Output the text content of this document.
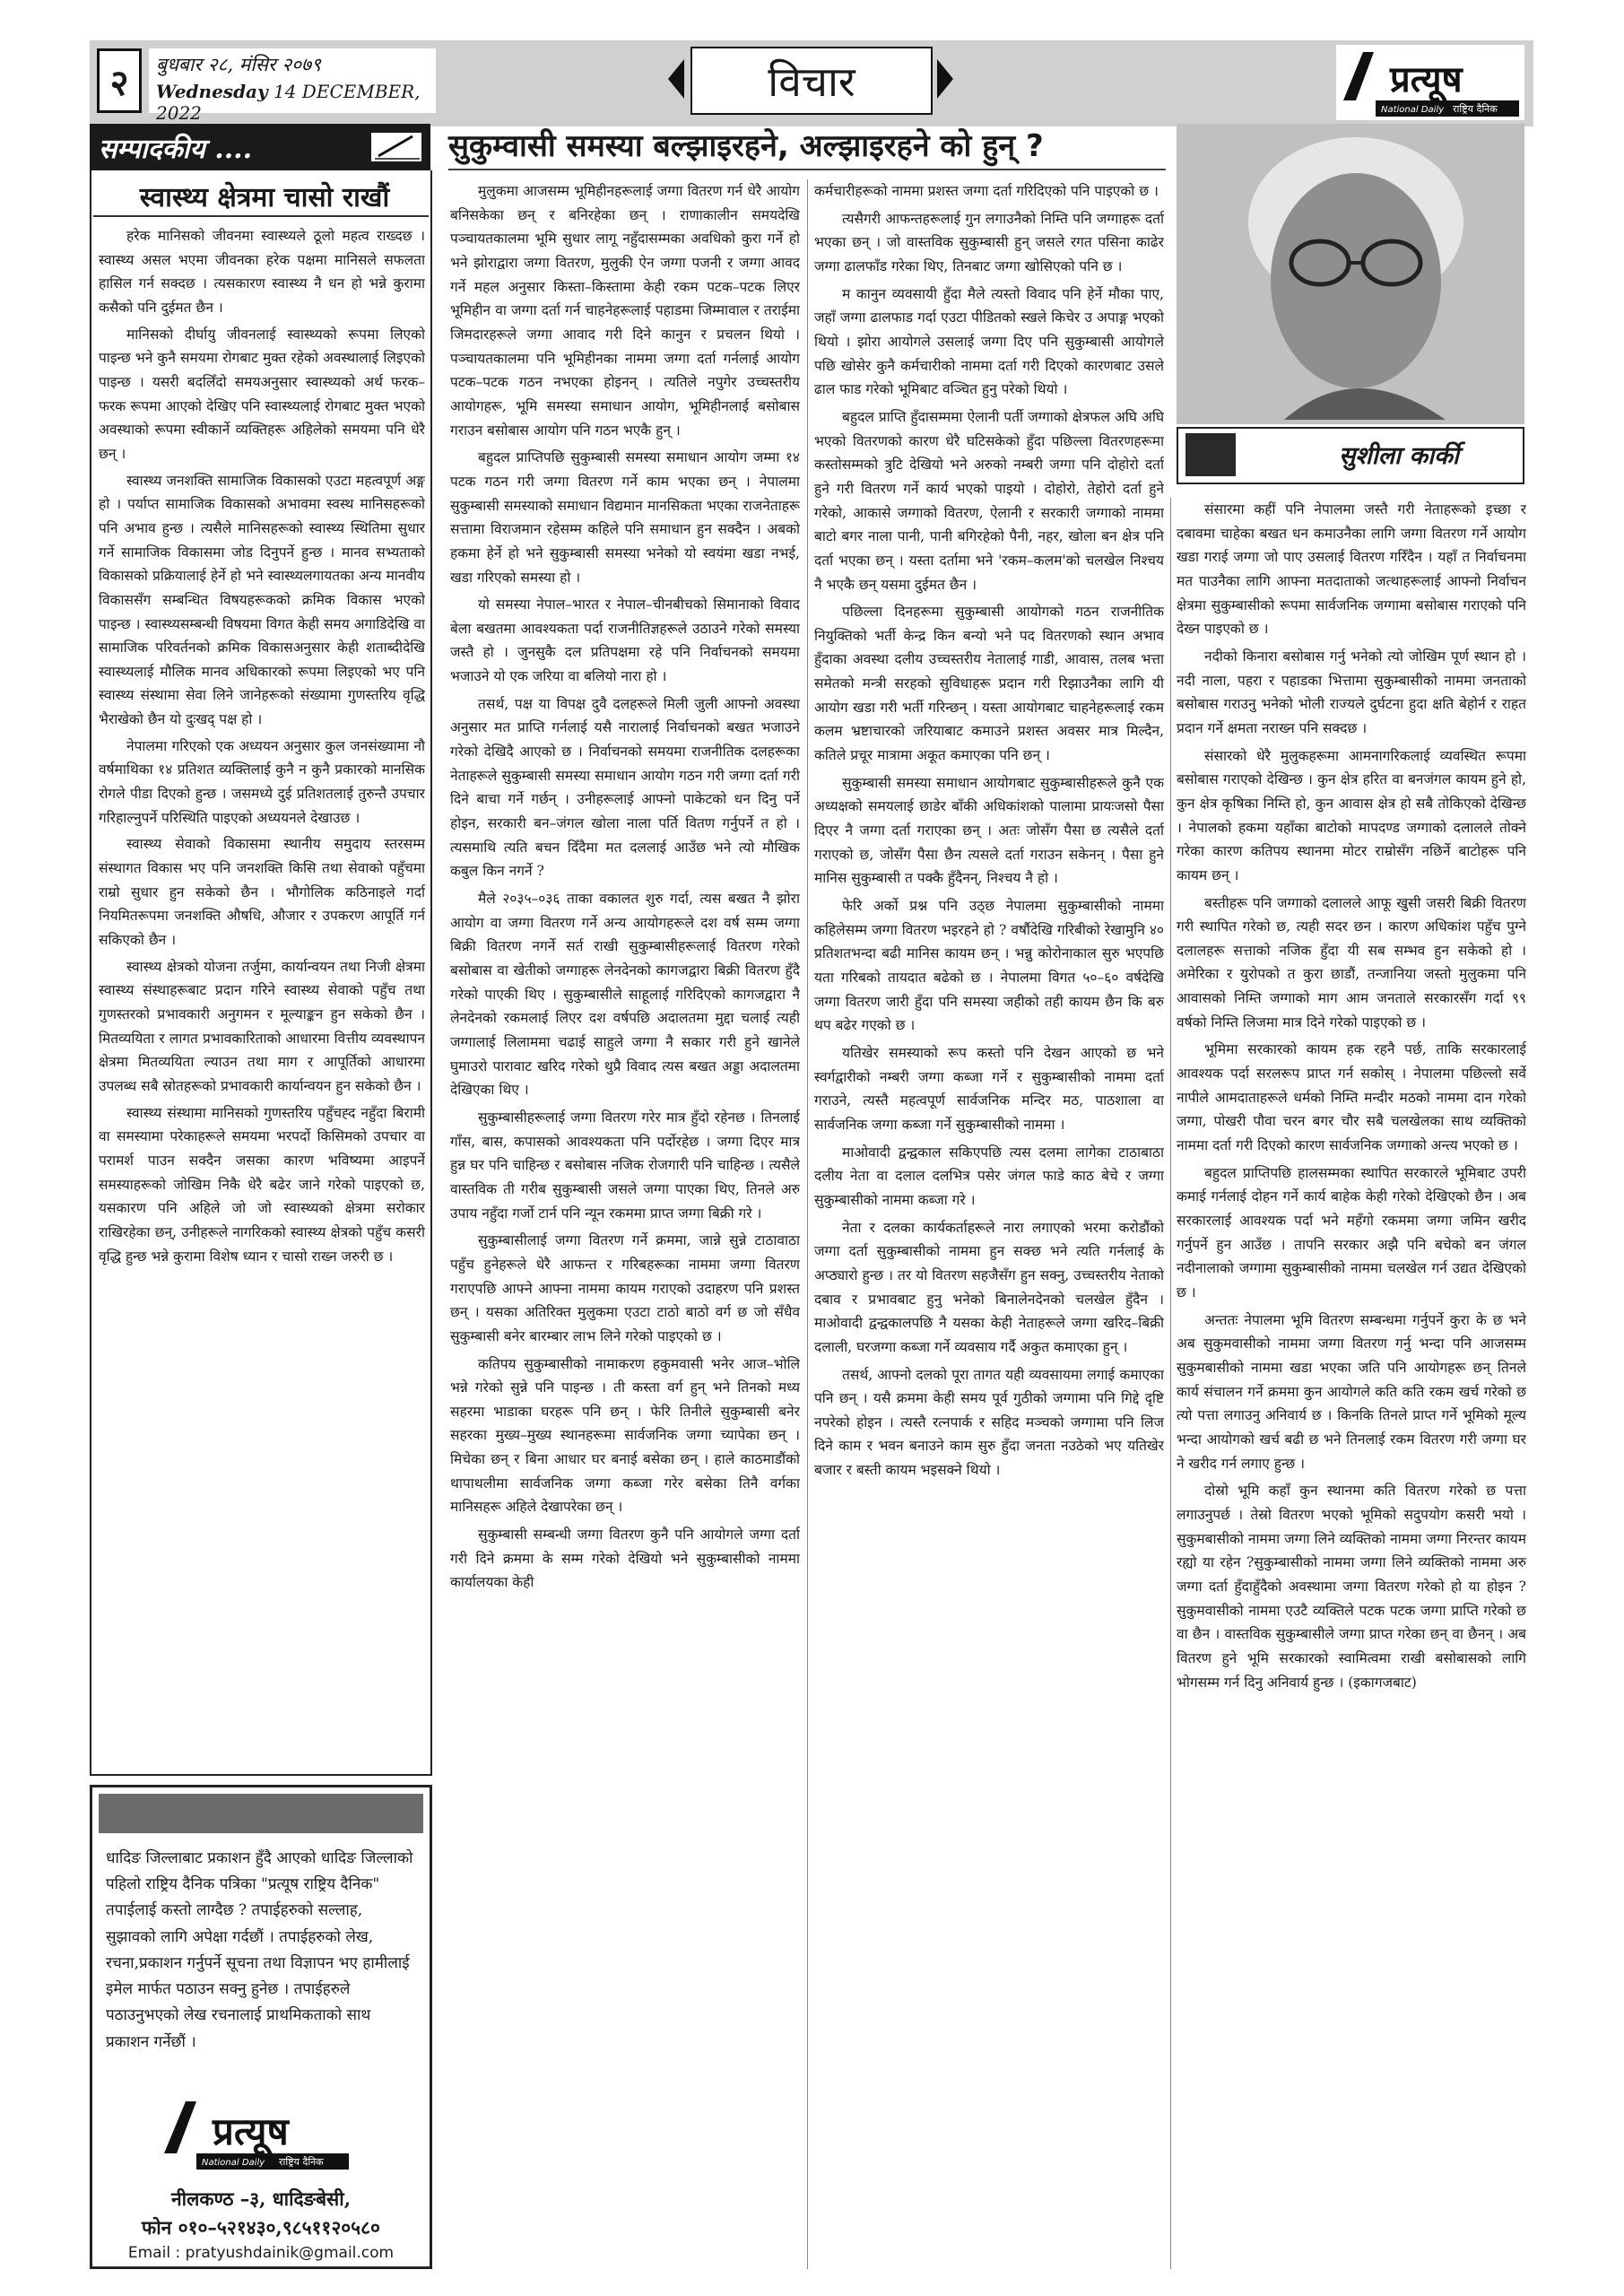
२	बुधबार २८, मंसिर २०७९
Wednesday 14 DECEMBER, 2022
विचार	प्रत्यूष
National Daily राष्ट्रिय दैनिक
सम्पादकीय ....
स्वास्थ्य क्षेत्रमा चासो राखौं

हरेक मानिसको जीवनमा स्वास्थ्यले ठूलो महत्व राख्दछ । स्वास्थ्य असल भएमा जीवनका हरेक पक्षमा मानिसले सफलता हासिल गर्न सक्दछ । त्यसकारण स्वास्थ्य नै धन हो भन्ने कुरामा कसैको पनि दुईमत छैन ।

मानिसको दीर्घायु जीवनलाई स्वास्थ्यको रूपमा लिएको पाइन्छ भने कुनै समयमा रोगबाट मुक्त रहेको अवस्थालाई लिइएको पाइन्छ । यसरी बदलिँदो समयअनुसार स्वास्थ्यको अर्थ फरक–फरक रूपमा आएको देखिए पनि स्वास्थ्यलाई रोगबाट मुक्त भएको अवस्थाको रूपमा स्वीकार्ने व्यक्तिहरू अहिलेको समयमा पनि धेरै छन् ।

स्वास्थ्य जनशक्ति सामाजिक विकासको एउटा महत्वपूर्ण अङ्ग हो । पर्याप्त सामाजिक विकासको अभावमा स्वस्थ मानिसहरूको पनि अभाव हुन्छ । त्यसैले मानिसहरूको स्वास्थ्य स्थितिमा सुधार गर्ने सामाजिक विकासमा जोड दिनुपर्ने हुन्छ । मानव सभ्यताको विकासको प्रक्रियालाई हेर्ने हो भने स्वास्थ्यलगायतका अन्य मानवीय विकाससँग सम्बन्धित विषयहरूकको क्रमिक विकास भएको पाइन्छ । स्वास्थ्यसम्बन्धी विषयमा विगत केही समय अगाडिदेखि वा सामाजिक परिवर्तनको क्रमिक विकासअनुसार केही शताब्दीदेखि स्वास्थ्यलाई मौलिक मानव अधिकारको रूपमा लिइएको भए पनि स्वास्थ्य संस्थामा सेवा लिने जानेहरूको संख्यामा गुणस्तरिय वृद्धि भैराखेको छैन यो दुःखद् पक्ष हो ।

नेपालमा गरिएको एक अध्ययन अनुसार कुल जनसंख्यामा नौ वर्षमाथिका १४ प्रतिशत व्यक्तिलाई कुनै न कुनै प्रकारको मानसिक रोगले पीडा दिएको हुन्छ । जसमध्ये दुई प्रतिशतलाई तुरुन्तै उपचार गरिहाल्नुपर्ने परिस्थिति पाइएको अध्ययनले देखाउछ ।

स्वास्थ्य सेवाको विकासमा स्थानीय समुदाय स्तरसम्म संस्थागत विकास भए पनि जनशक्ति किसि तथा सेवाको पहुँचमा राम्रो सुधार हुन सकेको छैन । भौगोलिक कठिनाइले गर्दा नियमितरूपमा जनशक्ति औषधि, औजार र उपकरण आपूर्ति गर्न सकिएको छैन ।

स्वास्थ्य क्षेत्रको योजना तर्जुमा, कार्यान्वयन तथा निजी क्षेत्रमा स्वास्थ्य संस्थाहरूबाट प्रदान गरिने स्वास्थ्य सेवाको पहुँच तथा गुणस्तरको प्रभावकारी अनुगमन र मूल्याङ्कन हुन सकेको छैन । मितव्ययिता र लागत प्रभावकारिताको आधारमा वित्तीय व्यवस्थापन क्षेत्रमा मितव्ययिता ल्याउन तथा माग र आपूर्तिको आधारमा उपलब्ध सबै स्रोतहरूको प्रभावकारी कार्यान्वयन हुन सकेको छैन ।

स्वास्थ्य संस्थामा मानिसको गुणस्तरिय पहुँचह्द नहुँदा बिरामी वा समस्यामा परेकाहरूले समयमा भरपर्दो किसिमको उपचार वा परामर्श पाउन सक्दैन जसका कारण भविष्यमा आइपर्ने समस्याहरूको जोखिम निकै धेरै बढेर जाने गरेको पाइएको छ, यसकारण पनि अहिले जो जो स्वास्थ्यको क्षेत्रमा सरोकार राखिरहेका छन्, उनीहरूले नागरिकको स्वास्थ्य क्षेत्रको पहुँच कसरी वृद्धि हुन्छ भन्ने कुरामा विशेष ध्यान र चासो राख्न जरुरी छ ।

धादिङ जिल्लाबाट प्रकाशन हुँदै आएको धादिङ जिल्लाको पहिलो राष्ट्रिय दैनिक पत्रिका "प्रत्यूष राष्ट्रिय दैनिक" तपाईलाई कस्तो लाग्दैछ ? तपाईहरुको सल्लाह, सुझावको लागि अपेक्षा गर्दछौं । तपाईहरुको लेख, रचना,प्रकाशन गर्नुपर्ने सूचना तथा विज्ञापन भए हामीलाई इमेल मार्फत पठाउन सक्नु हुनेछ । तपाईहरुले पठाउनुभएको लेख रचनालाई प्राथमिकताको साथ प्रकाशन गर्नेछौं ।
प्रत्यूष
National Daily राष्ट्रिय दैनिक
नीलकण्ठ –३, धादिङबेसी,
फोन ०१०–५२१४३०,९८५११२०५८०
Email : pratyushdainik@gmail.com
सुकुम्वासी समस्या बल्झाइरहने, अल्झाइरहने को हुन् ?

मुलुकमा आजसम्म भूमिहीनहरूलाई जग्गा वितरण गर्न धेरै आयोग बनिसकेका छन् र बनिरहेका छन् । राणाकालीन समयदेखि पञ्चायतकालमा भूमि सुधार लागू नहुँदासम्मका अवधिको कुरा गर्ने हो भने झोराद्वारा जग्गा वितरण, मुलुकी ऐन जग्गा पजनी र जग्गा आवद गर्ने महल अनुसार किस्ता–किस्तामा केही रकम पटक–पटक लिएर भूमिहीन वा जग्गा दर्ता गर्न चाहनेहरूलाई पहाडमा जिम्मावाल र तराईमा जिमदारहरूले जग्गा आवाद गरी दिने कानुन र प्रचलन थियो । पञ्चायतकालमा पनि भूमिहीनका नाममा जग्गा दर्ता गर्नलाई आयोग पटक–पटक गठन नभएका होइनन् । त्यतिले नपुगेर उच्चस्तरीय आयोगहरू, भूमि समस्या समाधान आयोग, भूमिहीनलाई बसोबास गराउन बसोबास आयोग पनि गठन भएकै हुन् ।

बहुदल प्राप्तिपछि सुकुम्बासी समस्या समाधान आयोग जम्मा १४ पटक गठन गरी जग्गा वितरण गर्ने काम भएका छन् । नेपालमा सुकुम्बासी समस्याको समाधान विद्यमान मानसिकता भएका राजनेताहरू सत्तामा विराजमान रहेसम्म कहिले पनि समाधान हुन सक्दैन । अबको हकमा हेर्ने हो भने सुकुम्बासी समस्या भनेको यो स्वयंमा खडा नभई, खडा गरिएको समस्या हो ।

यो समस्या नेपाल–भारत र नेपाल–चीनबीचको सिमानाको विवाद बेला बखतमा आवश्यकता पर्दा राजनीतिज्ञहरूले उठाउने गरेको समस्या जस्तै हो । जुनसुकै दल प्रतिपक्षमा रहे पनि निर्वाचनको समयमा भजाउने यो एक जरिया वा बलियो नारा हो ।

तसर्थ, पक्ष या विपक्ष दुवै दलहरूले मिली जुली आफ्नो अवस्था अनुसार मत प्राप्ति गर्नलाई यसै नारालाई निर्वाचनको बखत भजाउने गरेको देखिदै आएको छ । निर्वाचनको समयमा राजनीतिक दलहरूका नेताहरूले सुकुम्बासी समस्या समाधान आयोग गठन गरी जग्गा दर्ता गरी दिने बाचा गर्ने गर्छन् । उनीहरूलाई आफ्नो पाकेटको धन दिनु पर्ने होइन, सरकारी बन–जंगल खोला नाला पर्ति वितण गर्नुपर्ने त हो । त्यसमाथि त्यति बचन दिँदैमा मत दललाई आउँछ भने त्यो मौखिक कबुल किन नगर्ने ?

मैले २०३५–०३६ ताका वकालत शुरु गर्दा, त्यस बखत नै झोरा आयोग वा जग्गा वितरण गर्ने अन्य आयोगहरूले दश वर्ष सम्म जग्गा बिक्री वितरण नगर्ने सर्त राखी सुकुम्बासीहरूलाई वितरण गरेको बसोबास वा खेतीको जग्गाहरू लेनदेनको कागजद्वारा बिक्री वितरण हुँदै गरेको पाएकी थिए । सुकुम्बासीले साहूलाई गरिदिएको कागजद्वारा नै लेनदेनको रकमलाई लिएर दश वर्षपछि अदालतमा मुद्दा चलाई त्यही जग्गालाई लिलाममा चढाई साहुले जग्गा नै सकार गरी हुने खानेले घुमाउरो पारावाट खरिद गरेको थुप्रै विवाद त्यस बखत अड्डा अदालतमा देखिएका थिए ।

सुकुम्बासीहरूलाई जग्गा वितरण गरेर मात्र हुँदो रहेनछ । तिनलाई गाँस, बास, कपासको आवश्यकता पनि पर्दोरहेछ । जग्गा दिएर मात्र हुन्न घर पनि चाहिन्छ र बसोबास नजिक रोजगारी पनि चाहिन्छ । त्यसैले वास्तविक ती गरीब सुकुम्बासी जसले जग्गा पाएका थिए, तिनले अरु उपाय नहुँदा गर्जो टार्न पनि न्यून रकममा प्राप्त जग्गा बिक्री गरे ।

सुकुम्बासीलाई जग्गा वितरण गर्ने क्रममा, जान्ने सुन्ने टाठावाठा पहुँच हुनेहरूले धेरै आफन्त र गरिबहरूका नाममा जग्गा वितरण गराएपछि आफ्ने आफ्ना नाममा कायम गराएको उदाहरण पनि प्रशस्त छन् । यसका अतिरिक्त मुलुकमा एउटा टाठो बाठो वर्ग छ जो सँधैव सुकुम्बासी बनेर बारम्बार लाभ लिने गरेको पाइएको छ ।

कतिपय सुकुम्बासीको नामाकरण हकुमवासी भनेर आज–भोलि भन्ने गरेको सुन्ने पनि पाइन्छ । ती कस्ता वर्ग हुन् भने तिनको मध्य सहरमा भाडाका घरहरू पनि छन् । फेरि तिनीले सुकुम्बासी बनेर सहरका मुख्य–मुख्य स्थानहरूमा सार्वजनिक जग्गा च्यापेका छन् । मिचेका छन् र बिना आधार घर बनाई बसेका छन् । हाले काठमाडौंको थापाथलीमा सार्वजनिक जग्गा कब्जा गरेर बसेका तिनै वर्गका मानिसहरू अहिले देखापरेका छन् ।

सुकुम्बासी सम्बन्धी जग्गा वितरण कुनै पनि आयोगले जग्गा दर्ता गरी दिने क्रममा के सम्म गरेको देखियो भने सुकुम्बासीको नाममा कार्यालयका केही

कर्मचारीहरूको नाममा प्रशस्त जग्गा दर्ता गरिदिएको पनि पाइएको छ ।

त्यसैगरी आफन्तहरूलाई गुन लगाउनैको निम्ति पनि जग्गाहरू दर्ता भएका छन् । जो वास्तविक सुकुम्बासी हुन् जसले रगत पसिना काढेर जग्गा ढालफाँड गरेका थिए, तिनबाट जग्गा खोसिएको पनि छ ।

म कानुन व्यवसायी हुँदा मैले त्यस्तो विवाद पनि हेर्ने मौका पाए, जहाँ जग्गा ढालफाड गर्दा एउटा पीडितको स्खले किचेर उ अपाङ्ग भएको थियो । झोरा आयोगले उसलाई जग्गा दिए पनि सुकुम्बासी आयोगले पछि खोसेर कुनै कर्मचारीको नाममा दर्ता गरी दिएको कारणबाट उसले ढाल फाड गरेको भूमिबाट वञ्चित हुनु परेको थियो ।

बहुदल प्राप्ति हुँदासम्ममा ऐलानी पर्ती जग्गाको क्षेत्रफल अघि अघि भएको वितरणको कारण धेरै घटिसकेको हुँदा पछिल्ला वितरणहरूमा कस्तोसम्मको त्रुटि देखियो भने अरुको नम्बरी जग्गा पनि दोहोरो दर्ता हुने गरी वितरण गर्ने कार्य भएको पाइयो । दोहोरो, तेहोरो दर्ता हुने गरेको, आकासे जग्गाको वितरण, ऐलानी र सरकारी जग्गाको नाममा बाटो बगर नाला पानी, पानी बगिरहेको पैनी, नहर, खोला बन क्षेत्र पनि दर्ता भएका छन् । यस्ता दर्तामा भने 'रकम–कलम'को चलखेल निश्चय नै भएकै छन् यसमा दुईमत छैन ।

पछिल्ला दिनहरूमा सुकुम्बासी आयोगको गठन राजनीतिक नियुक्तिको भर्ती केन्द्र किन बन्यो भने पद वितरणको स्थान अभाव हुँदाका अवस्था दलीय उच्चस्तरीय नेतालाई गाडी, आवास, तलब भत्ता समेतको मन्त्री सरहको सुविधाहरू प्रदान गरी रिझाउनैका लागि यी आयोग खडा गरी भर्ती गरिन्छन् । यस्ता आयोगबाट चाहनेहरूलाई रकम कलम भ्रष्टाचारको जरियाबाट कमाउने प्रशस्त अवसर मात्र मिल्दैन, कतिले प्रचूर मात्रामा अकूत कमाएका पनि छन् ।

सुकुम्बासी समस्या समाधान आयोगबाट सुकुम्बासीहरूले कुनै एक अध्यक्षको समयलाई छाडेर बाँकी अधिकांशको पालामा प्रायःजसो पैसा दिएर नै जग्गा दर्ता गराएका छन् । अतः जोसँग पैसा छ त्यसैले दर्ता गराएको छ, जोसँग पैसा छैन त्यसले दर्ता गराउन सकेनन् । पैसा हुने मानिस सुकुम्बासी त पक्कै हुँदैनन्, निश्चय नै हो ।

फेरि अर्को प्रश्न पनि उठ्छ नेपालमा सुकुम्बासीको नाममा कहिलेसम्म जग्गा वितरण भइरहने हो ? वर्षौदेखि गरिबीको रेखामुनि ४० प्रतिशतभन्दा बढी मानिस कायम छन् । भन्नु कोरोनाकाल सुरु भएपछि यता गरिबको तायदात बढेको छ । नेपालमा विगत ५०–६० वर्षदेखि जग्गा वितरण जारी हुँदा पनि समस्या जहीको तही कायम छैन कि बरु थप बढेर गएको छ ।

यतिखेर समस्याको रूप कस्तो पनि देखन आएको छ भने स्वर्गद्वारीको नम्बरी जग्गा कब्जा गर्ने र सुकुम्बासीको नाममा दर्ता गराउने, त्यस्तै महत्वपूर्ण सार्वजनिक मन्दिर मठ, पाठशाला वा सार्वजनिक जग्गा कब्जा गर्ने सुकुम्बासीको नाममा ।

माओवादी द्वन्द्वकाल सकिएपछि त्यस दलमा लागेका टाठाबाठा दलीय नेता वा दलाल दलभित्र पसेर जंगल फाडे काठ बेचे र जग्गा सुकुम्बासीको नाममा कब्जा गरे ।

नेता र दलका कार्यकर्ताहरूले नारा लगाएको भरमा करोडौंको जग्गा दर्ता सुकुम्बासीको नाममा हुन सक्छ भने त्यति गर्नलाई के अप्ठ्यारो हुन्छ । तर यो वितरण सहजैसँग हुन सक्नु, उच्चस्तरीय नेताको दबाव र प्रभावबाट हुनु भनेको बिनालेनदेनको चलखेल हुँदैन । माओवादी द्वन्द्वकालपछि नै यसका केही नेताहरूले जग्गा खरिद–बिक्री दलाली, घरजग्गा कब्जा गर्ने व्यवसाय गर्दै अकुत कमाएका हुन् ।

तसर्थ, आफ्नो दलको पूरा तागत यही व्यवसायमा लगाई कमाएका पनि छन् । यसै क्रममा केही समय पूर्व गुठीको जग्गामा पनि गिद्दे दृष्टि नपरेको होइन । त्यस्तै रत्नपार्क र सहिद मञ्चको जग्गामा पनि लिज दिने काम र भवन बनाउने काम सुरु हुँदा जनता नउठेको भए यतिखेर बजार र बस्ती कायम भइसक्ने थियो ।

सुशीला कार्की

संसारमा कहीं पनि नेपालमा जस्तै गरी नेताहरूको इच्छा र दबावमा चाहेका बखत धन कमाउनैका लागि जग्गा वितरण गर्ने आयोग खडा गराई जग्गा जो पाए उसलाई वितरण गरिँदैन । यहाँ त निर्वाचनमा मत पाउनैका लागि आफ्ना मतदाताको जत्थाहरूलाई आफ्नो निर्वाचन क्षेत्रमा सुकुम्बासीको रूपमा सार्वजनिक जग्गामा बसोबास गराएको पनि देख्न पाइएको छ ।

नदीको किनारा बसोबास गर्नु भनेको त्यो जोखिम पूर्ण स्थान हो । नदी नाला, पहरा र पहाडका भित्तामा सुकुम्बासीको नाममा जनताको बसोबास गराउनु भनेको भोली राज्यले दुर्घटना हुदा क्षति बेहोर्न र राहत प्रदान गर्ने क्षमता नराख्न पनि सक्दछ ।

संसारको धेरै मुलुकहरूमा आमनागरिकलाई व्यवस्थित रूपमा बसोबास गराएको देखिन्छ । कुन क्षेत्र हरित वा बनजंगल कायम हुने हो, कुन क्षेत्र कृषिका निम्ति हो, कुन आवास क्षेत्र हो सबै तोकिएको देखिन्छ । नेपालको हकमा यहाँका बाटोको मापदण्ड जग्गाको दलालले तोक्ने गरेका कारण कतिपय स्थानमा मोटर राम्रोसँग नछिर्ने बाटोहरू पनि कायम छन् ।

बस्तीहरू पनि जग्गाको दलालले आफू खुसी जसरी बिक्री वितरण गरी स्थापित गरेको छ, त्यही सदर छन । कारण अधिकांश पहुँच पुग्ने दलालहरू सत्ताको नजिक हुँदा यी सब सम्भव हुन सकेको हो । अमेरिका र युरोपको त कुरा छाडौं, तन्जानिया जस्तो मुलुकमा पनि आवासको निम्ति जग्गाको माग आम जनताले सरकारसँग गर्दा ९९ वर्षको निम्ति लिजमा मात्र दिने गरेको पाइएको छ ।

भूमिमा सरकारको कायम हक रहनै पर्छ, ताकि सरकारलाई आवश्यक पर्दा सरलरूप प्राप्त गर्न सकोस् । नेपालमा पछिल्लो सर्वे नापीले आमदाताहरूले धर्मको निम्ति मन्दीर मठको नाममा दान गरेको जग्गा, पोखरी पौवा चरन बगर चौर सबै चलखेलका साथ व्यक्तिको नाममा दर्ता गरी दिएको कारण सार्वजनिक जग्गाको अन्त्य भएको छ ।

बहुदल प्राप्तिपछि हालसम्मका स्थापित सरकारले भूमिबाट उपरी कमाई गर्नलाई दोहन गर्ने कार्य बाहेक केही गरेको देखिएको छैन । अब सरकारलाई आवश्यक पर्दा भने महँगो रकममा जग्गा जमिन खरीद गर्नुपर्ने हुन आउँछ । तापनि सरकार अझै पनि बचेको बन जंगल नदीनालाको जग्गामा सुकुम्बासीको नाममा चलखेल गर्न उद्यत देखिएको छ ।

अन्ततः नेपालमा भूमि वितरण सम्बन्धमा गर्नुपर्ने कुरा के छ भने अब सुकुमवासीको नाममा जग्गा वितरण गर्नु भन्दा पनि आजसम्म सुकुमबासीको नाममा खडा भएका जति पनि आयोगहरू छन् तिनले कार्य संचालन गर्ने क्रममा कुन आयोगले कति कति रकम खर्च गरेको छ त्यो पत्ता लगाउनु अनिवार्य छ । किनकि तिनले प्राप्त गर्ने भूमिको मूल्य भन्दा आयोगको खर्च बढी छ भने तिनलाई रकम वितरण गरी जग्गा घर ने खरीद गर्न लगाए हुन्छ ।

दोस्रो भूमि कहाँ कुन स्थानमा कति वितरण गरेको छ पत्ता लगाउनुपर्छ । तेस्रो वितरण भएको भूमिको सदुपयोग कसरी भयो । सुकुमबासीको नाममा जग्गा लिने व्यक्तिको नाममा जग्गा निरन्तर कायम रह्यो या रहेन ?सुकुम्बासीको नाममा जग्गा लिने व्यक्तिको नाममा अरु जग्गा दर्ता हुँदाहुँदैको अवस्थामा जग्गा वितरण गरेको हो या होइन ? सुकुमवासीको नाममा एउटै व्यक्तिले पटक पटक जग्गा प्राप्ति गरेको छ वा छैन । वास्तविक सुकुम्बासीले जग्गा प्राप्त गरेका छन् वा छैनन् । अब वितरण हुने भूमि सरकारको स्वामित्वमा राखी बसोबासको लागि भोगसम्म गर्न दिनु अनिवार्य हुन्छ । (इकागजबाट)
